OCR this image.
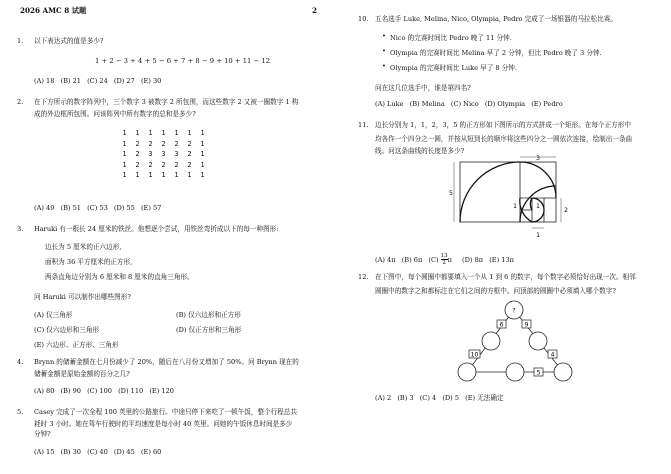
2026 AMC 8 试题	2
1. 以下表达式的值是多少?
1 + 2 − 3 + 4 + 5 − 6 + 7 + 8 − 9 + 10 + 11 − 12
(A) 18 (B) 21 (C) 24 (D) 27 (E) 30
2. 在下方所示的数字阵列中，三个数字 3 被数字 2 所包围，而这些数字 2 又被一圈数字 1 构
成的外边框所包围。问该阵列中所有数字的总和是多少?
1 1 1 1 1 1 1
1 2 2 2 2 2 1
1 2 3 3 3 2 1
1 2 2 2 2 2 1
1 1 1 1 1 1 1
(A) 49 (B) 51 (C) 53 (D) 55 (E) 57
3. Haruki 有一根长 24 厘米的铁丝。他想逐个尝试，用铁丝弯折成以下的每一种图形:
边长为 5 厘米的正六边形,
面积为 36 平方厘米的正方形,
两条直角边分别为 6 厘米和 8 厘米的直角三角形。
问 Haruki 可以制作出哪些图形?
(A) 仅三角形	(B) 仅六边形和正方形
(C) 仅六边形和三角形	(D) 仅正方形和三角形
(E) 六边形、正方形、三角形
4. Brynn 的储蓄金额在七月份减少了 20%，随后在八月份又增加了 50%。问 Brynn 现在的
储蓄金额是原始金额的百分之几?
(A) 80 (B) 90 (C) 100 (D) 110 (E) 120
5. Casey 完成了一次全程 100 英里的公路旅行。中途只停下来吃了一顿午饭，整个行程总共
耗时 3 小时。她在驾车行驶时的平均速度是每小时 40 英里。问她的午饭休息时间是多少
分钟?
(A) 15 (B) 30 (C) 40 (D) 45 (E) 60
10. 五名选手 Luke, Melina, Nico, Olympia, Pedro 完成了一场银器的马拉松比赛。
• Nico 的完赛时间比 Pedro 晚了 11 分钟.
• Olympia 的完赛时间比 Melina 早了 2 分钟，但比 Pedro 晚了 3 分钟.
• Olympia 的完赛时间比 Luke 早了 8 分钟.
问在这几位选手中，谁是第四名?
(A) Luke (B) Melina (C) Nico (D) Olympia (E) Pedro
11. 边长分别为 1，1，2，3，5 的正方形如下图所示的方式拼成一个矩形。在每个正方形中
均各作一个四分之一圆，并按从短到长的顺序将这些四分之一圆依次连接，绘制出一条曲
线。问这条曲线的长度是多少?
3
5
1	1
2
1
(A) 4π (B) 6π $(C) \frac{13}{2}$ π (D) 8π (E) 13π
12. 在下图中，每个圆圈中都要填入一个从 1 到 6 的数字，每个数字必须恰好出现一次。相邻
圆圈中的数字之和都标注在它们之间的方框中。问顶部的圆圈中必须填入哪个数字?
?
6	9
10	4
5
(A) 2 (B) 3 (C) 4 (D) 5 (E) 无法确定
